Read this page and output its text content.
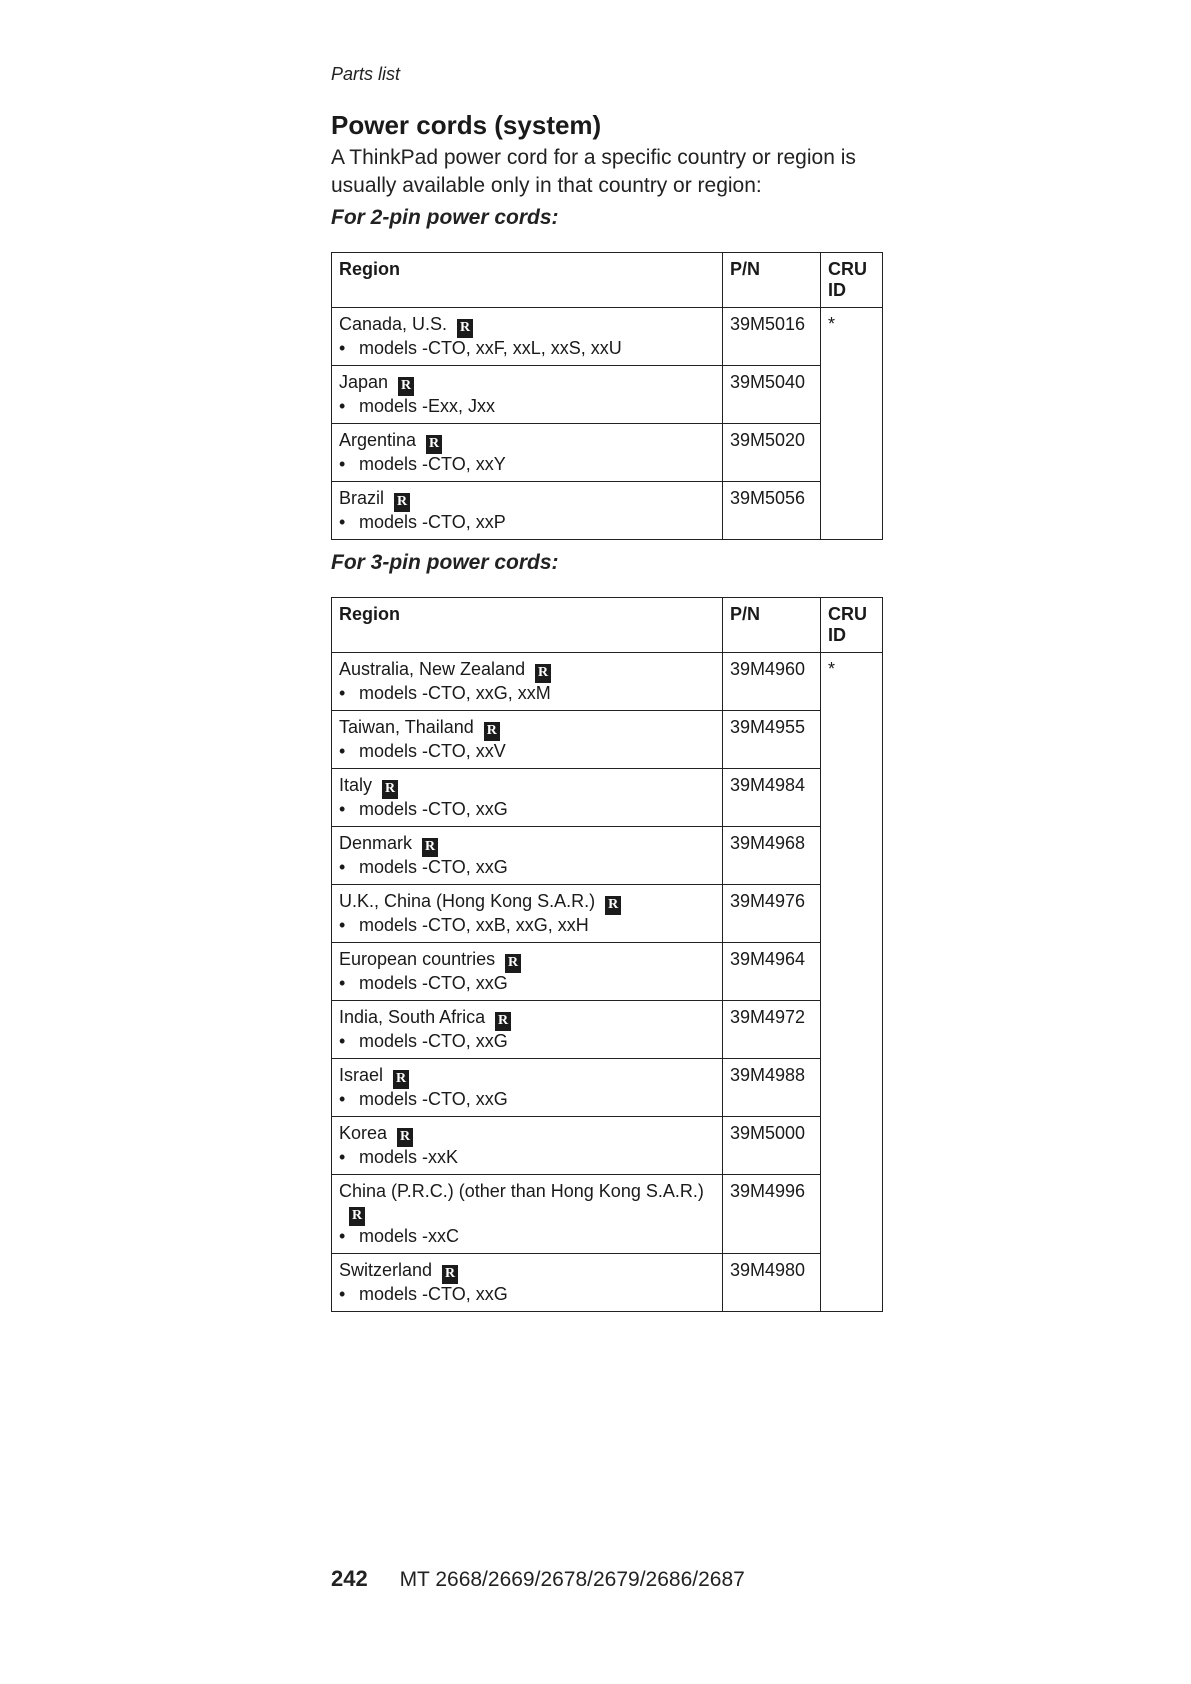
Parts list
Power cords (system)

A ThinkPad power cord for a specific country or region is usually available only in that country or region:

For 2-pin power cords:
Region	P/N	CRU ID
Canada, U.S. R
• models -CTO, xxF, xxL, xxS, xxU	39M5016	*
Japan R
• models -Exx, Jxx	39M5040	
Argentina R
• models -CTO, xxY	39M5020	
Brazil R
• models -CTO, xxP	39M5056	
For 3-pin power cords:
Region	P/N	CRU ID
Australia, New Zealand R
• models -CTO, xxG, xxM	39M4960	*
Taiwan, Thailand R
• models -CTO, xxV	39M4955	
Italy R
• models -CTO, xxG	39M4984	
Denmark R
• models -CTO, xxG	39M4968	
U.K., China (Hong Kong S.A.R.) R
• models -CTO, xxB, xxG, xxH	39M4976	
European countries R
• models -CTO, xxG	39M4964	
India, South Africa R
• models -CTO, xxG	39M4972	
Israel R
• models -CTO, xxG	39M4988	
Korea R
• models -xxK	39M5000	
China (P.R.C.) (other than Hong Kong S.A.R.)R
• models -xxC	39M4996	
Switzerland R
• models -CTO, xxG	39M4980	
242 MT 2668/2669/2678/2679/2686/2687
